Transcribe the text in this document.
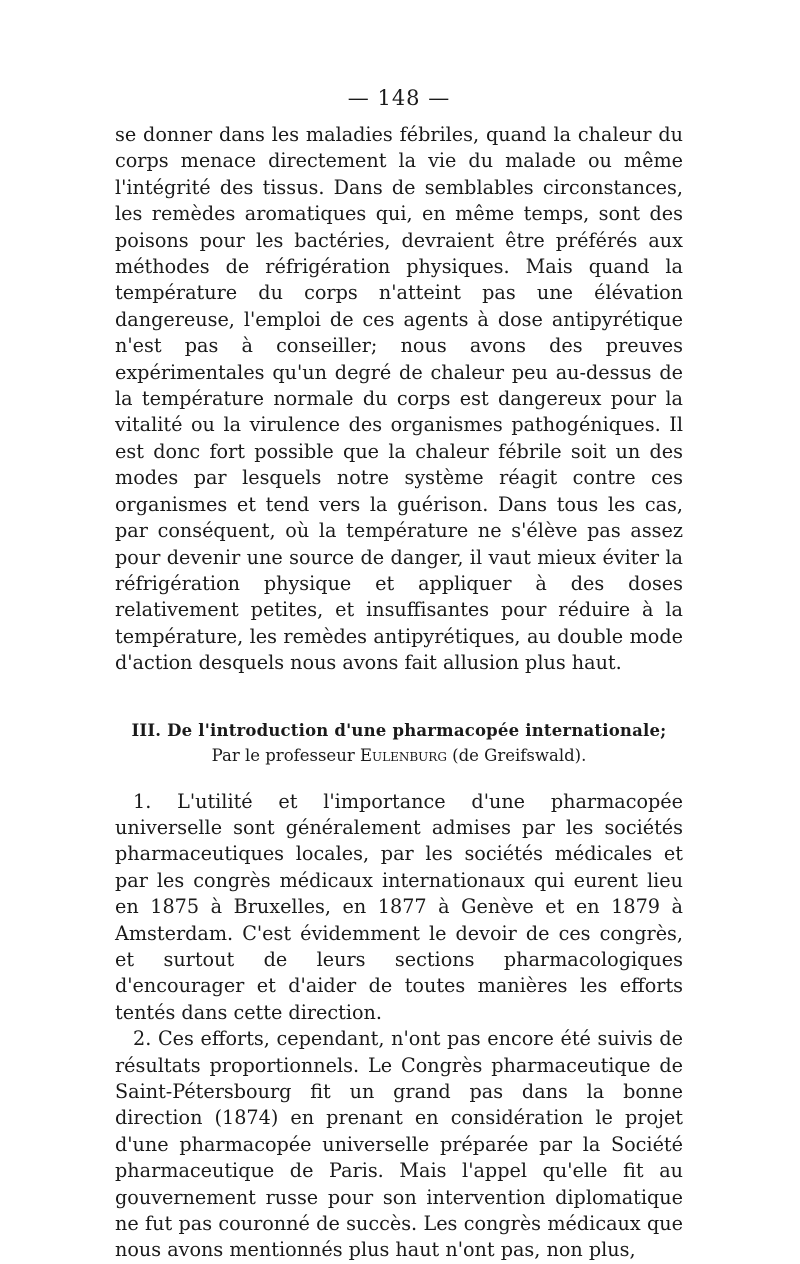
— 148 —

se donner dans les maladies fébriles, quand la chaleur du corps menace directement la vie du malade ou même l'intégrité des tissus. Dans de semblables circonstances, les remèdes aromatiques qui, en même temps, sont des poisons pour les bactéries, devraient être préférés aux méthodes de réfrigération physiques. Mais quand la température du corps n'atteint pas une élévation dangereuse, l'emploi de ces agents à dose antipyrétique n'est pas à conseiller; nous avons des preuves expérimentales qu'un degré de chaleur peu au-dessus de la température normale du corps est dangereux pour la vitalité ou la virulence des organismes pathogéniques. Il est donc fort possible que la chaleur fébrile soit un des modes par lesquels notre système réagit contre ces organismes et tend vers la guérison. Dans tous les cas, par conséquent, où la température ne s'élève pas assez pour devenir une source de danger, il vaut mieux éviter la réfrigération physique et appliquer à des doses relativement petites, et insuffisantes pour réduire à la température, les remèdes antipyrétiques, au double mode d'action desquels nous avons fait allusion plus haut.

III. De l'introduction d'une pharmacopée internationale;
Par le professeur Eulenburg (de Greifswald).

1. L'utilité et l'importance d'une pharmacopée universelle sont généralement admises par les sociétés pharmaceutiques locales, par les sociétés médicales et par les congrès médicaux internationaux qui eurent lieu en 1875 à Bruxelles, en 1877 à Genève et en 1879 à Amsterdam. C'est évidemment le devoir de ces congrès, et surtout de leurs sections pharmacologiques d'encourager et d'aider de toutes manières les efforts tentés dans cette direction.

2. Ces efforts, cependant, n'ont pas encore été suivis de résultats proportionnels. Le Congrès pharmaceutique de Saint-Pétersbourg fit un grand pas dans la bonne direction (1874) en prenant en considération le projet d'une pharmacopée universelle préparée par la Société pharmaceutique de Paris. Mais l'appel qu'elle fit au gouvernement russe pour son intervention diplomatique ne fut pas couronné de succès. Les congrès médicaux que nous avons mentionnés plus haut n'ont pas, non plus,
